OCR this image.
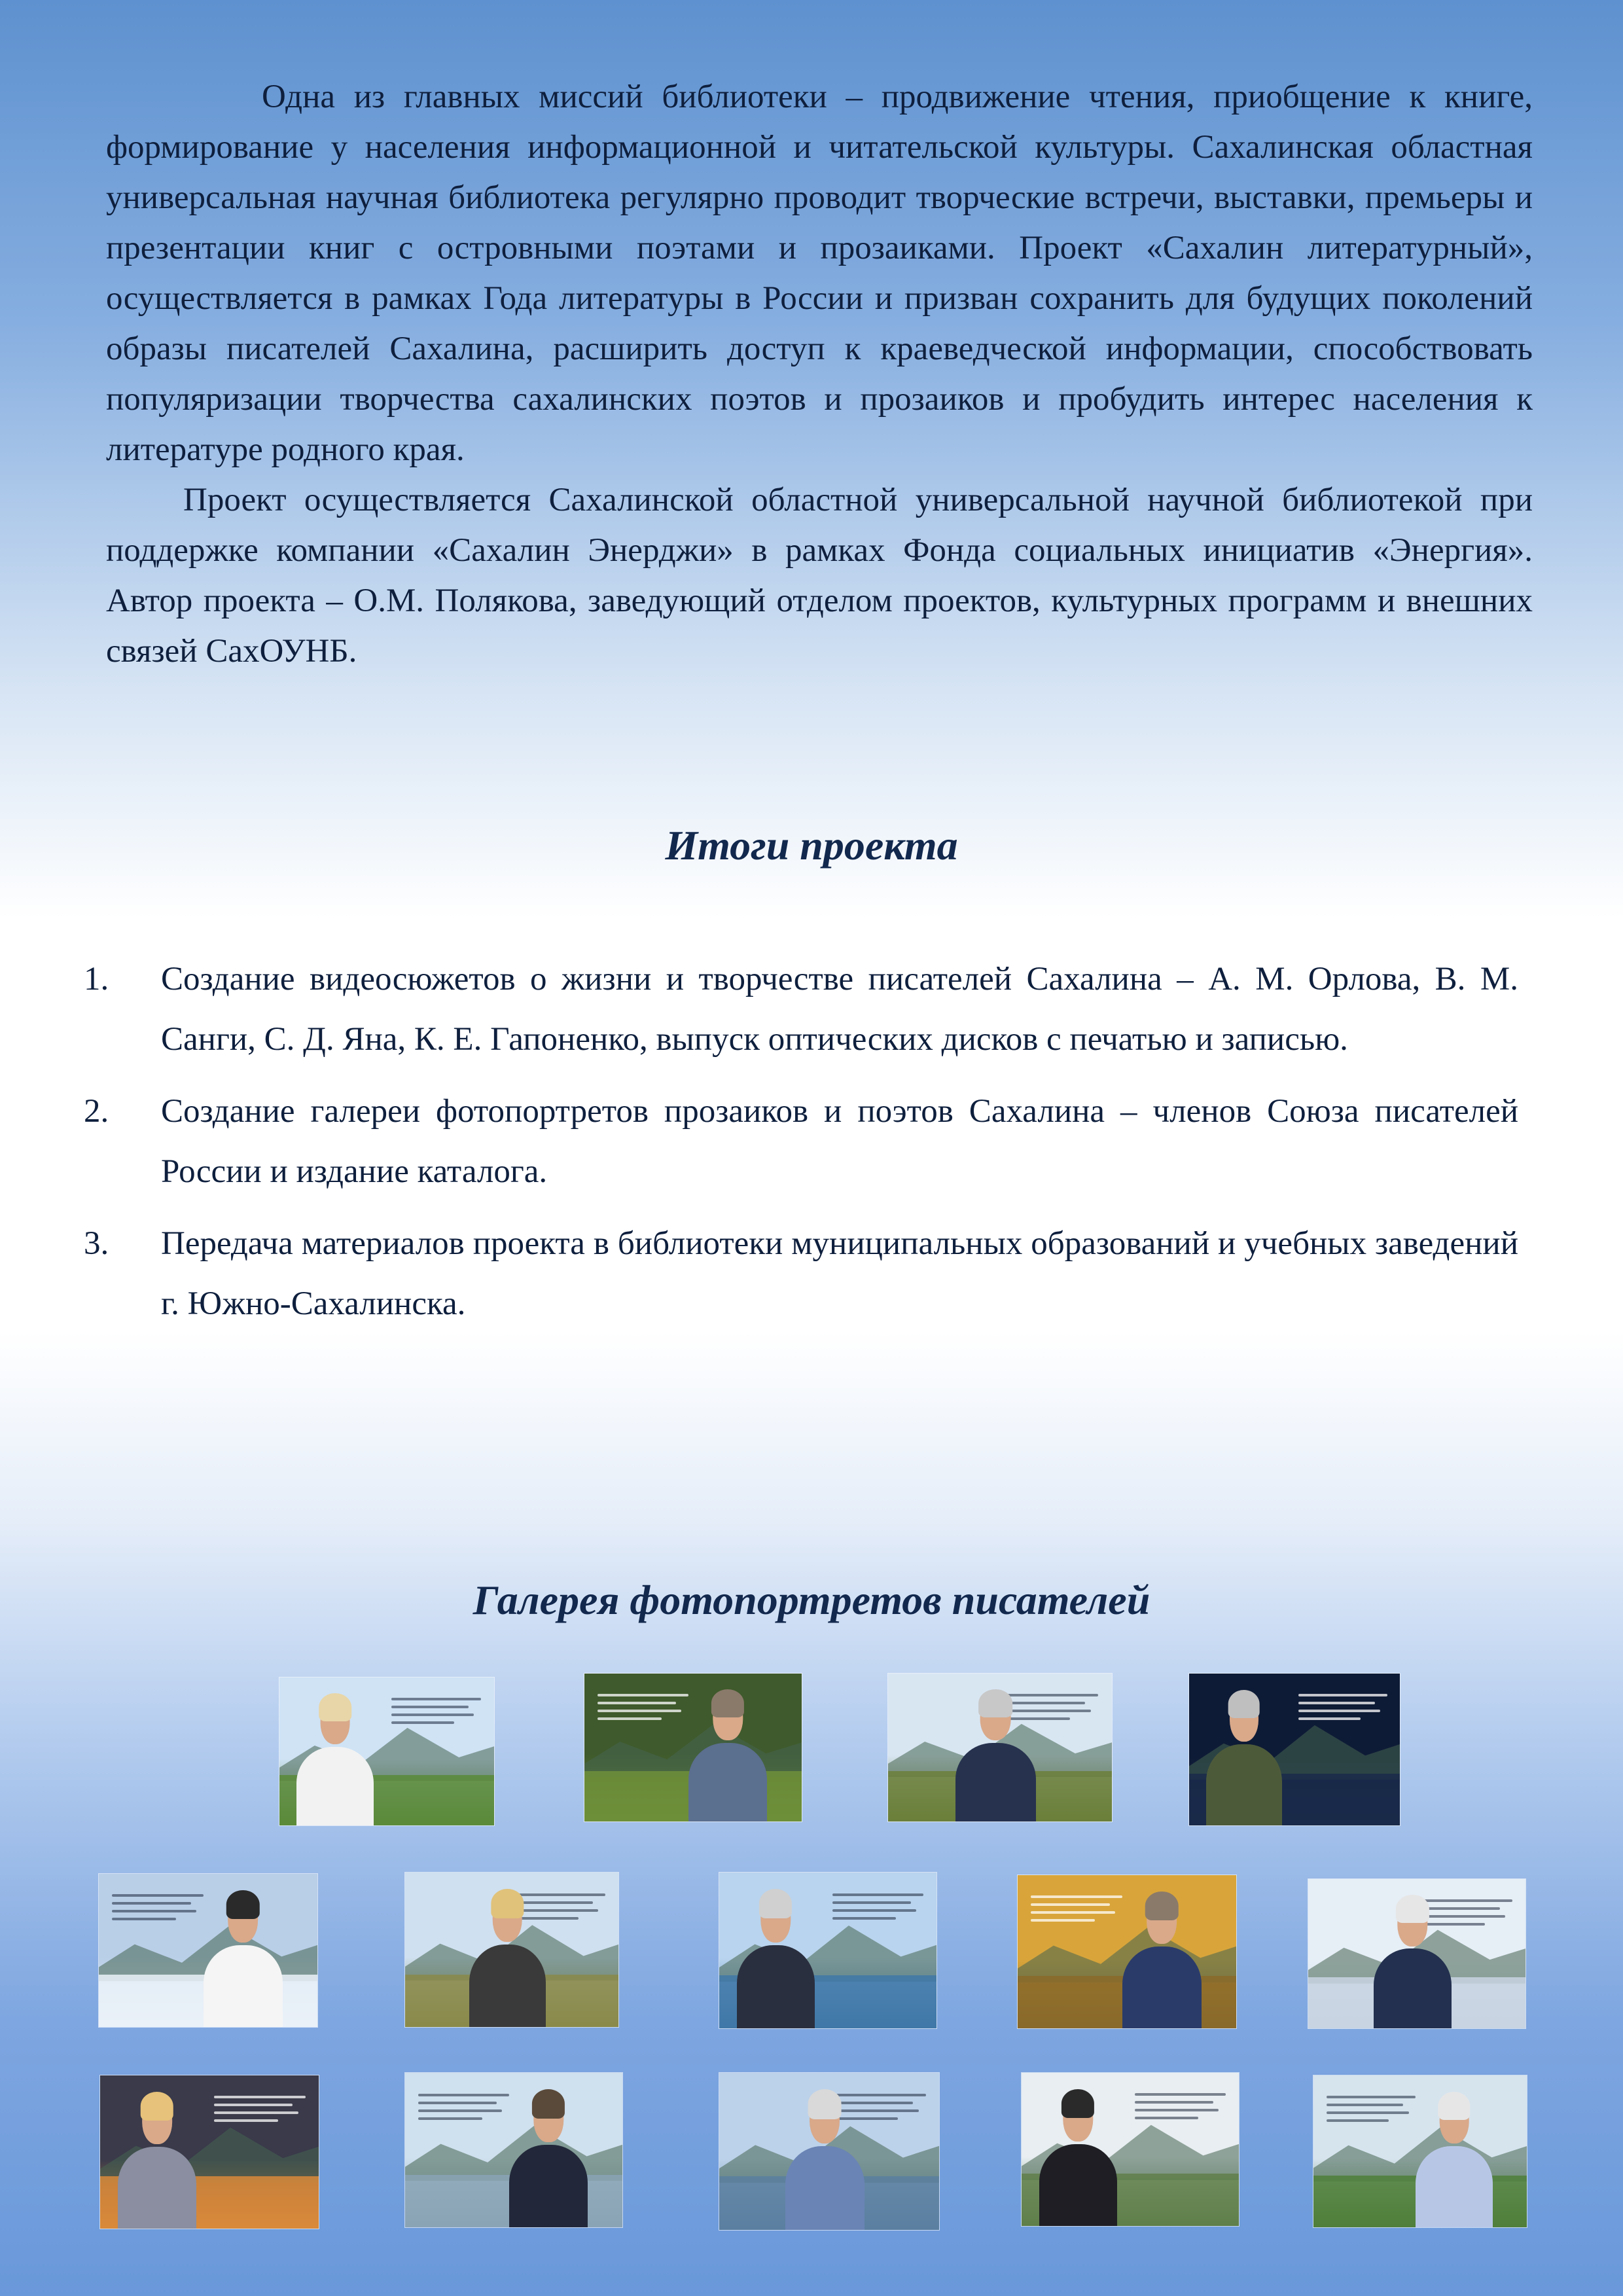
Одна из главных миссий библиотеки – продвижение чтения, приобщение к книге, формирование у населения информационной и читательской культуры. Сахалинская областная универсальная научная библиотека регулярно проводит творческие встречи, выставки, премьеры и презентации книг с островными поэтами и прозаиками. Проект «Сахалин литературный», осуществляется в рамках Года литературы в России и призван сохранить для будущих поколений образы писателей Сахалина, расширить доступ к краеведческой информации, способствовать популяризации творчества сахалинских поэтов и прозаиков и пробудить интерес населения к литературе родного края.

Проект осуществляется Сахалинской областной универсальной научной библиотекой при поддержке компании «Сахалин Энерджи» в рамках Фонда социальных инициатив «Энергия». Автор проекта – О.М. Полякова, заведующий отделом проектов, культурных программ и внешних связей СахОУНБ.

Итоги проекта
1. Создание видеосюжетов о жизни и творчестве писателей Сахалина – А. М. Орлова, В. М. Санги, С. Д. Яна, К. Е. Гапоненко, выпуск оптических дисков с печатью и записью.
2. Создание галереи фотопортретов прозаиков и поэтов Сахалина – членов Союза писателей России и издание каталога.
3. Передача материалов проекта в библиотеки муниципальных образований и учебных заведений г. Южно-Сахалинска.
Галерея фотопортретов писателей
